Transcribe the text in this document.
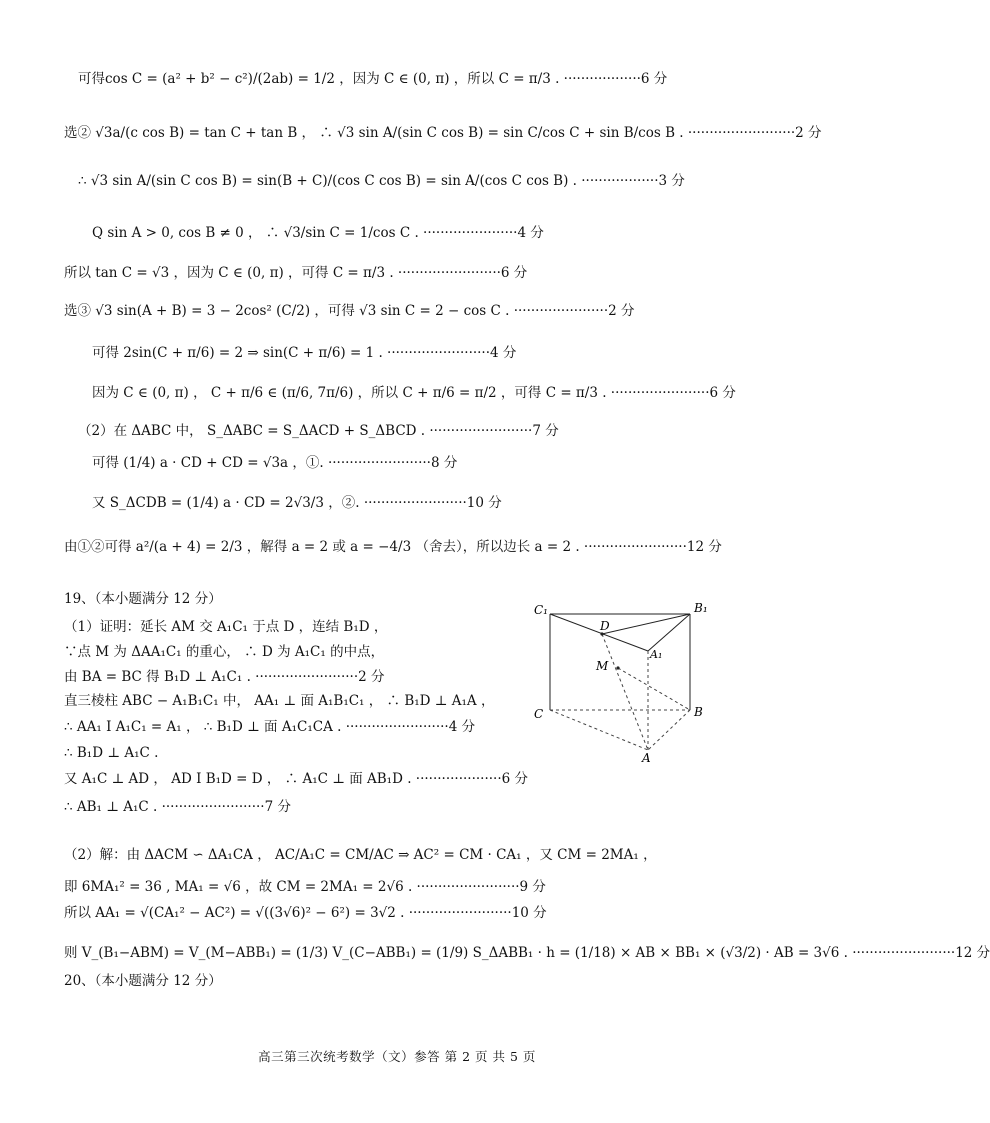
可得cos C = (a² + b² − c²)/(2ab) = 1/2 ，因为 C ∈ (0, π) ，所以 C = π/3 . ··················6 分
选② √3a/(c cos B) = tan C + tan B ， ∴ √3 sin A/(sin C cos B) = sin C/cos C + sin B/cos B . ·························2 分
∴ √3 sin A/(sin C cos B) = sin(B + C)/(cos C cos B) = sin A/(cos C cos B) . ··················3 分
Q sin A > 0, cos B ≠ 0 ， ∴ √3/sin C = 1/cos C . ······················4 分
所以 tan C = √3 ，因为 C ∈ (0, π) ，可得 C = π/3 . ························6 分
选③ √3 sin(A + B) = 3 − 2cos² (C/2) ，可得 √3 sin C = 2 − cos C . ······················2 分
可得 2sin(C + π/6) = 2 ⇒ sin(C + π/6) = 1 . ························4 分
因为 C ∈ (0, π) ， C + π/6 ∈ (π/6, 7π/6) ，所以 C + π/6 = π/2 ，可得 C = π/3 . ·······················6 分
（2）在 ΔABC 中， S_ΔABC = S_ΔACD + S_ΔBCD . ························7 分
可得 (1/4) a · CD + CD = √3a ，①. ························8 分
又 S_ΔCDB = (1/4) a · CD = 2√3/3 ，②. ························10 分
由①②可得 a²/(a + 4) = 2/3 ，解得 a = 2 或 a = −4/3 （舍去），所以边长 a = 2 . ························12 分
19、（本小题满分 12 分）
（1）证明：延长 AM 交 A₁C₁ 于点 D ，连结 B₁D ，
∵点 M 为 ΔAA₁C₁ 的重心， ∴ D 为 A₁C₁ 的中点，
由 BA = BC 得 B₁D ⊥ A₁C₁ . ························2 分
直三棱柱 ABC − A₁B₁C₁ 中， AA₁ ⊥ 面 A₁B₁C₁ ， ∴ B₁D ⊥ A₁A ，
∴ AA₁ I A₁C₁ = A₁ ， ∴ B₁D ⊥ 面 A₁C₁CA . ························4 分
∴ B₁D ⊥ A₁C .
又 A₁C ⊥ AD ， AD I B₁D = D ， ∴ A₁C ⊥ 面 AB₁D . ····················6 分
∴ AB₁ ⊥ A₁C . ························7 分
（2）解：由 ΔACM ∽ ΔA₁CA ， AC/A₁C = CM/AC ⇒ AC² = CM · CA₁ ，又 CM = 2MA₁ ，
即 6MA₁² = 36 , MA₁ = √6 ，故 CM = 2MA₁ = 2√6 . ························9 分
所以 AA₁ = √(CA₁² − AC²) = √((3√6)² − 6²) = 3√2 . ························10 分
则 V_(B₁−ABM) = V_(M−ABB₁) = (1/3) V_(C−ABB₁) = (1/9) S_ΔABB₁ · h = (1/18) × AB × BB₁ × (√3/2) · AB = 3√6 . ························12 分
20、（本小题满分 12 分）
C₁	B₁
D
A₁
M
C	B
A
高三第三次统考数学（文）参答 第 2 页 共 5 页
